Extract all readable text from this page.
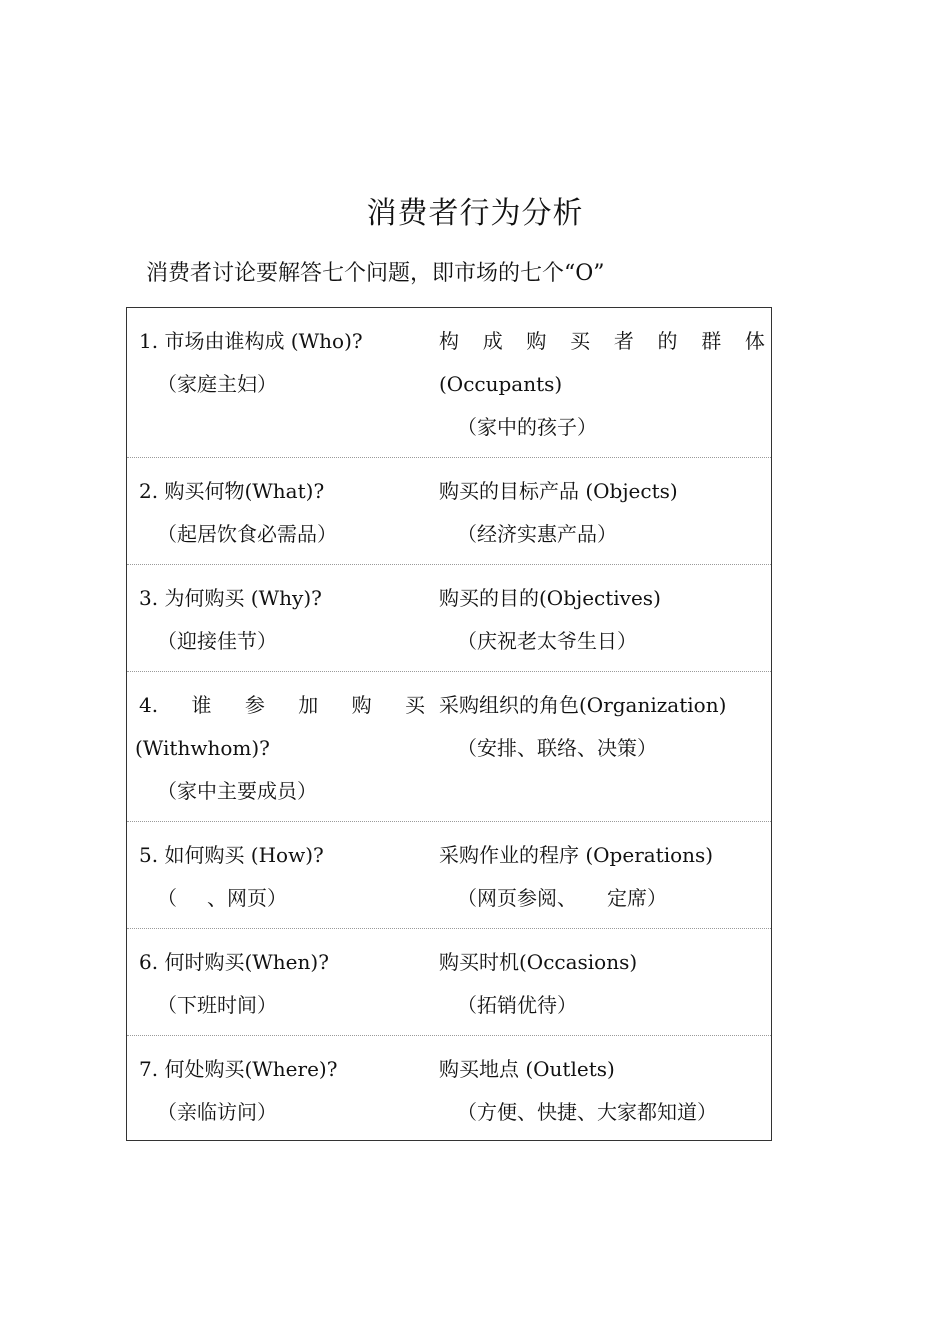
消费者行为分析
消费者讨论要解答七个问题，即市场的七个“O”
1. 市场由谁构成 (Who)?
（家庭主妇）
构 成 购 买 者 的 群 体
(Occupants)
（家中的孩子）
2. 购买何物(What)?
（起居饮食必需品）
购买的目标产品 (Objects)
（经济实惠产品）
3. 为何购买 (Why)?
（迎接佳节）
购买的目的(Objectives)
（庆祝老太爷生日）
4. 谁 参 加 购 买
(Withwhom)?
（家中主要成员）
采购组织的角色(Organization)
（安排、联络、决策）
5. 如何购买 (How)?
（ 、网页）
采购作业的程序 (Operations)
（网页参阅、 定席）
6. 何时购买(When)?
（下班时间）
购买时机(Occasions)
（拓销优待）
7. 何处购买(Where)?
（亲临访问）
购买地点 (Outlets)
（方便、快捷、大家都知道）
